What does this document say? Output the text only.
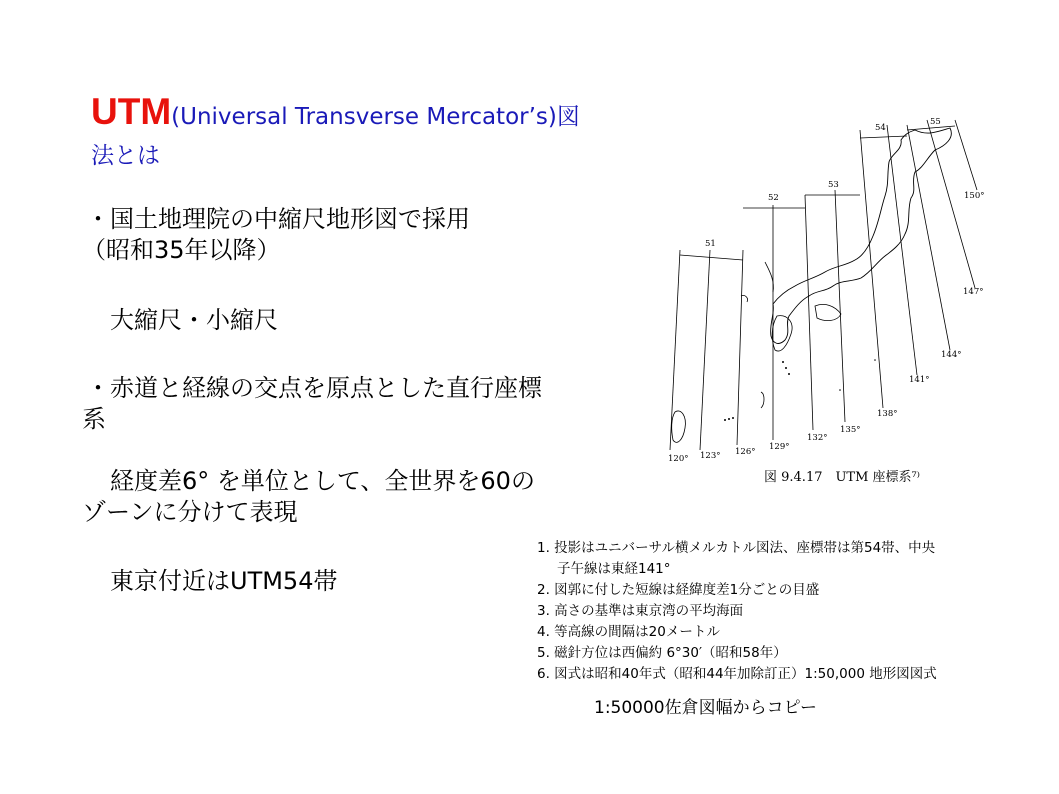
UTM(Universal Transverse Mercator’s)図
法とは
・国土地理院の中縮尺地形図で採用
（昭和35年以降）
大縮尺・小縮尺
・赤道と経線の交点を原点とした直行座標
系
経度差6° を単位として、全世界を60の
ゾーンに分けて表現
東京付近はUTM54帯
51
52
53
54
55
120° 123° 126° 129°
132°
135°
138°
141°
144°
147°
150°
図 9.4.17　UTM 座標系⁷⁾
1. 投影はユニバーサル横メルカトル図法、座標帯は第54帯、中央
子午線は東経141°
2. 図郭に付した短線は経緯度差1分ごとの目盛
3. 高さの基準は東京湾の平均海面
4. 等高線の間隔は20メートル
5. 磁針方位は西偏約 6°30′（昭和58年）
6. 図式は昭和40年式（昭和44年加除訂正）1:50,000 地形図図式
1:50000佐倉図幅からコピー
